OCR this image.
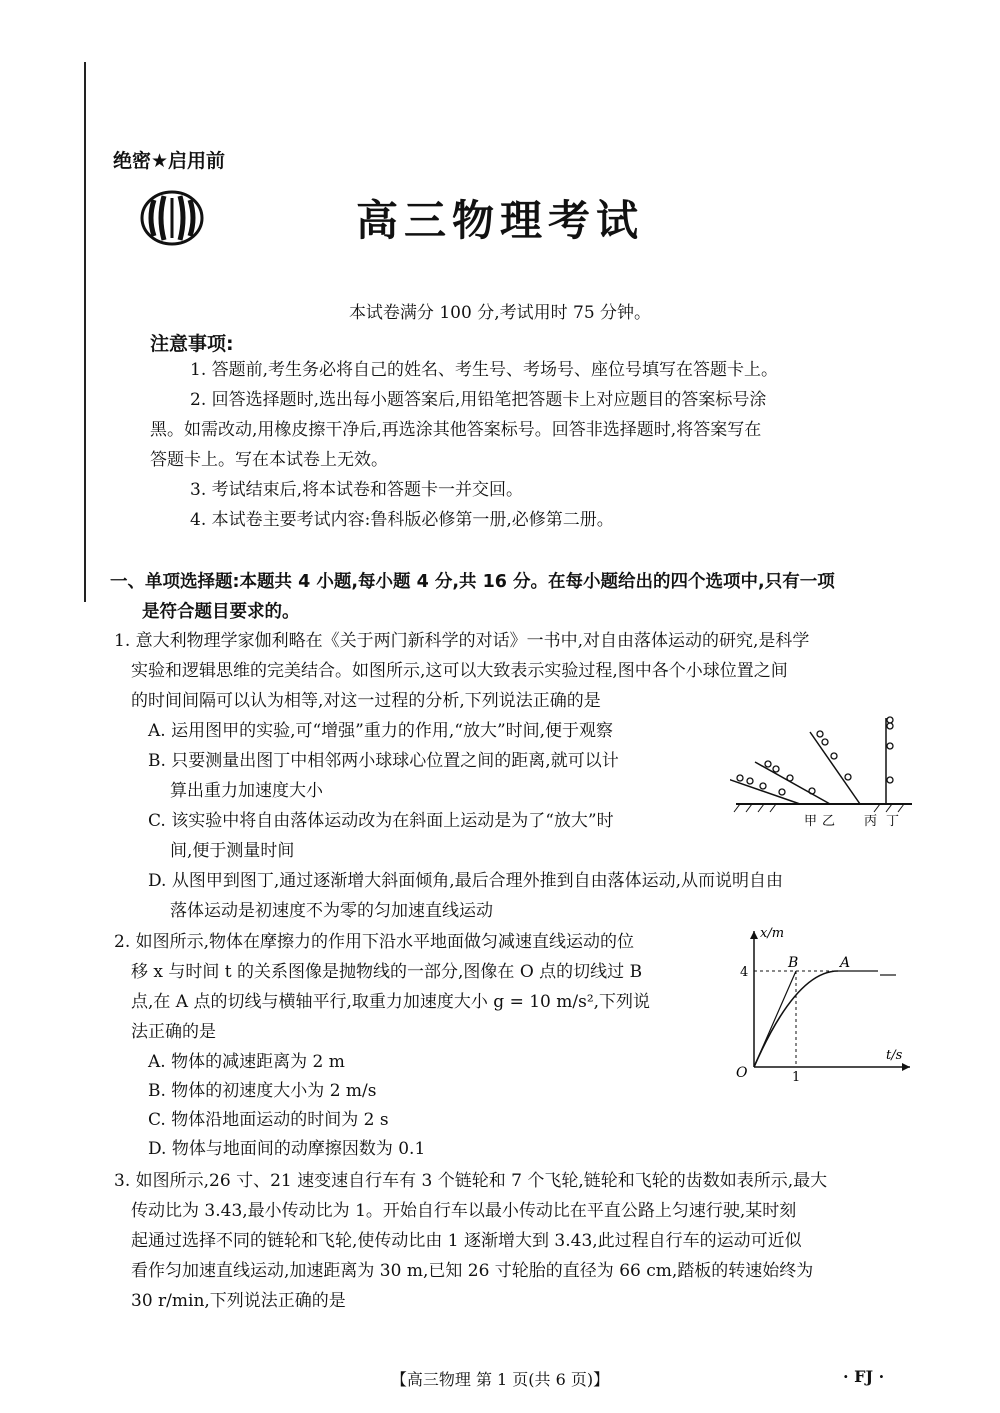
绝密★启用前
高三物理考试
本试卷满分 100 分,考试用时 75 分钟。
注意事项:
1. 答题前,考生务必将自己的姓名、考生号、考场号、座位号填写在答题卡上。
2. 回答选择题时,选出每小题答案后,用铅笔把答题卡上对应题目的答案标号涂
黑。如需改动,用橡皮擦干净后,再选涂其他答案标号。回答非选择题时,将答案写在
答题卡上。写在本试卷上无效。
3. 考试结束后,将本试卷和答题卡一并交回。
4. 本试卷主要考试内容:鲁科版必修第一册,必修第二册。
一、单项选择题:本题共 4 小题,每小题 4 分,共 16 分。在每小题给出的四个选项中,只有一项
是符合题目要求的。
1. 意大利物理学家伽利略在《关于两门新科学的对话》一书中,对自由落体运动的研究,是科学
实验和逻辑思维的完美结合。如图所示,这可以大致表示实验过程,图中各个小球位置之间
的时间间隔可以认为相等,对这一过程的分析,下列说法正确的是
A. 运用图甲的实验,可“增强”重力的作用,“放大”时间,便于观察
B. 只要测量出图丁中相邻两小球球心位置之间的距离,就可以计
算出重力加速度大小
C. 该实验中将自由落体运动改为在斜面上运动是为了“放大”时
间,便于测量时间
D. 从图甲到图丁,通过逐渐增大斜面倾角,最后合理外推到自由落体运动,从而说明自由
落体运动是初速度不为零的匀加速直线运动
甲 乙 丙 丁
2. 如图所示,物体在摩擦力的作用下沿水平地面做匀减速直线运动的位
移 x 与时间 t 的关系图像是抛物线的一部分,图像在 O 点的切线过 B
点,在 A 点的切线与横轴平行,取重力加速度大小 g = 10 m/s²,下列说
法正确的是
A. 物体的减速距离为 2 m
B. 物体的初速度大小为 2 m/s
C. 物体沿地面运动的时间为 2 s
D. 物体与地面间的动摩擦因数为 0.1
x/m
t/s
O
4
1
B	A
3. 如图所示,26 寸、21 速变速自行车有 3 个链轮和 7 个飞轮,链轮和飞轮的齿数如表所示,最大
传动比为 3.43,最小传动比为 1。开始自行车以最小传动比在平直公路上匀速行驶,某时刻
起通过选择不同的链轮和飞轮,使传动比由 1 逐渐增大到 3.43,此过程自行车的运动可近似
看作匀加速直线运动,加速距离为 30 m,已知 26 寸轮胎的直径为 66 cm,踏板的转速始终为
30 r/min,下列说法正确的是
【高三物理 第 1 页(共 6 页)】	· FJ ·
